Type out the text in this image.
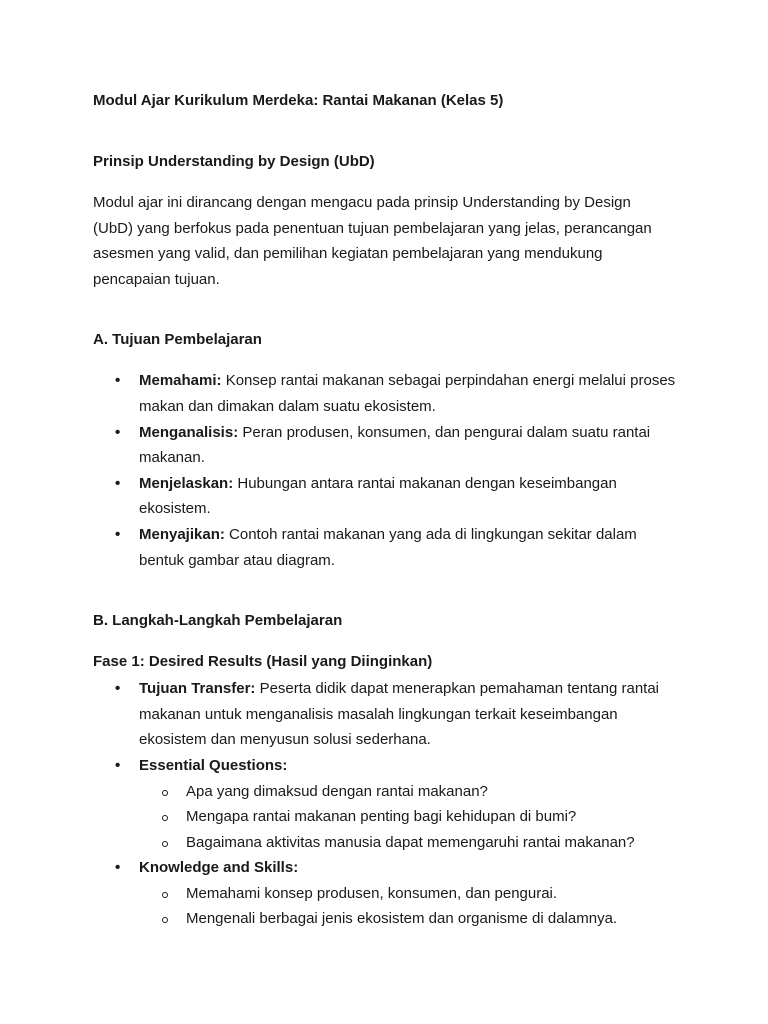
Modul Ajar Kurikulum Merdeka: Rantai Makanan (Kelas 5)
Prinsip Understanding by Design (UbD)

Modul ajar ini dirancang dengan mengacu pada prinsip Understanding by Design (UbD) yang berfokus pada penentuan tujuan pembelajaran yang jelas, perancangan asesmen yang valid, dan pemilihan kegiatan pembelajaran yang mendukung pencapaian tujuan.

A. Tujuan Pembelajaran
• Memahami: Konsep rantai makanan sebagai perpindahan energi melalui proses makan dan dimakan dalam suatu ekosistem.
• Menganalisis: Peran produsen, konsumen, dan pengurai dalam suatu rantai makanan.
• Menjelaskan: Hubungan antara rantai makanan dengan keseimbangan ekosistem.
• Menyajikan: Contoh rantai makanan yang ada di lingkungan sekitar dalam bentuk gambar atau diagram.
B. Langkah-Langkah Pembelajaran
Fase 1: Desired Results (Hasil yang Diinginkan)
• Tujuan Transfer: Peserta didik dapat menerapkan pemahaman tentang rantai makanan untuk menganalisis masalah lingkungan terkait keseimbangan ekosistem dan menyusun solusi sederhana.
• Essential Questions:
Apa yang dimaksud dengan rantai makanan?
Mengapa rantai makanan penting bagi kehidupan di bumi?
Bagaimana aktivitas manusia dapat memengaruhi rantai makanan?
• Knowledge and Skills:
Memahami konsep produsen, konsumen, dan pengurai.
Mengenali berbagai jenis ekosistem dan organisme di dalamnya.
